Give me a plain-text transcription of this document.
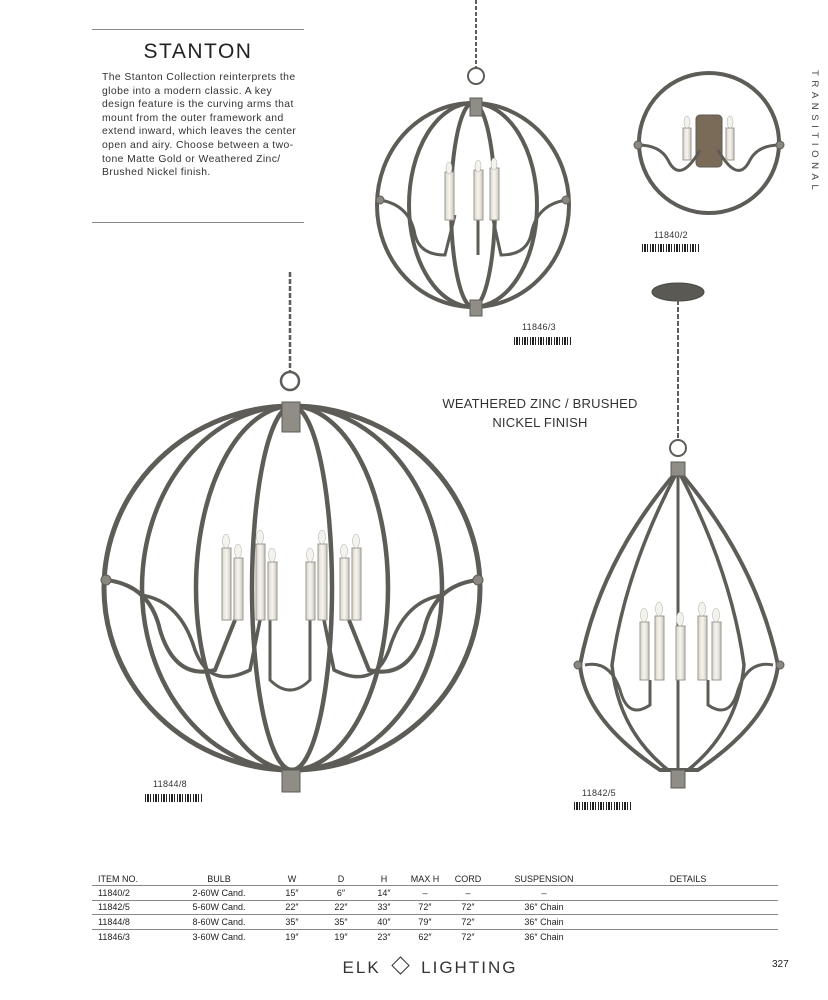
STANTON
The Stanton Collection reinterprets the globe into a modern classic. A key design feature is the curving arms that mount from the outer framework and extend inward, which leaves the center open and airy. Choose between a two-tone Matte Gold or Weathered Zinc/ Brushed Nickel finish.	TRANSITIONAL
11840/2
11846/3
11844/8
11842/5
WEATHERED ZINC / BRUSHED NICKEL FINISH
ITEM NO.	BULB	W	D	H	MAX H	CORD	SUSPENSION	DETAILS
11840/2	2-60W Cand.	15″	6″	14″	–	–	–	
11842/5	5-60W Cand.	22″	22″	33″	72″	72″	36″ Chain	
11844/8	8-60W Cand.	35″	35″	40″	79″	72″	36″ Chain	
11846/3	3-60W Cand.	19″	19″	23″	62″	72″	36″ Chain	
ELK LIGHTING	327
